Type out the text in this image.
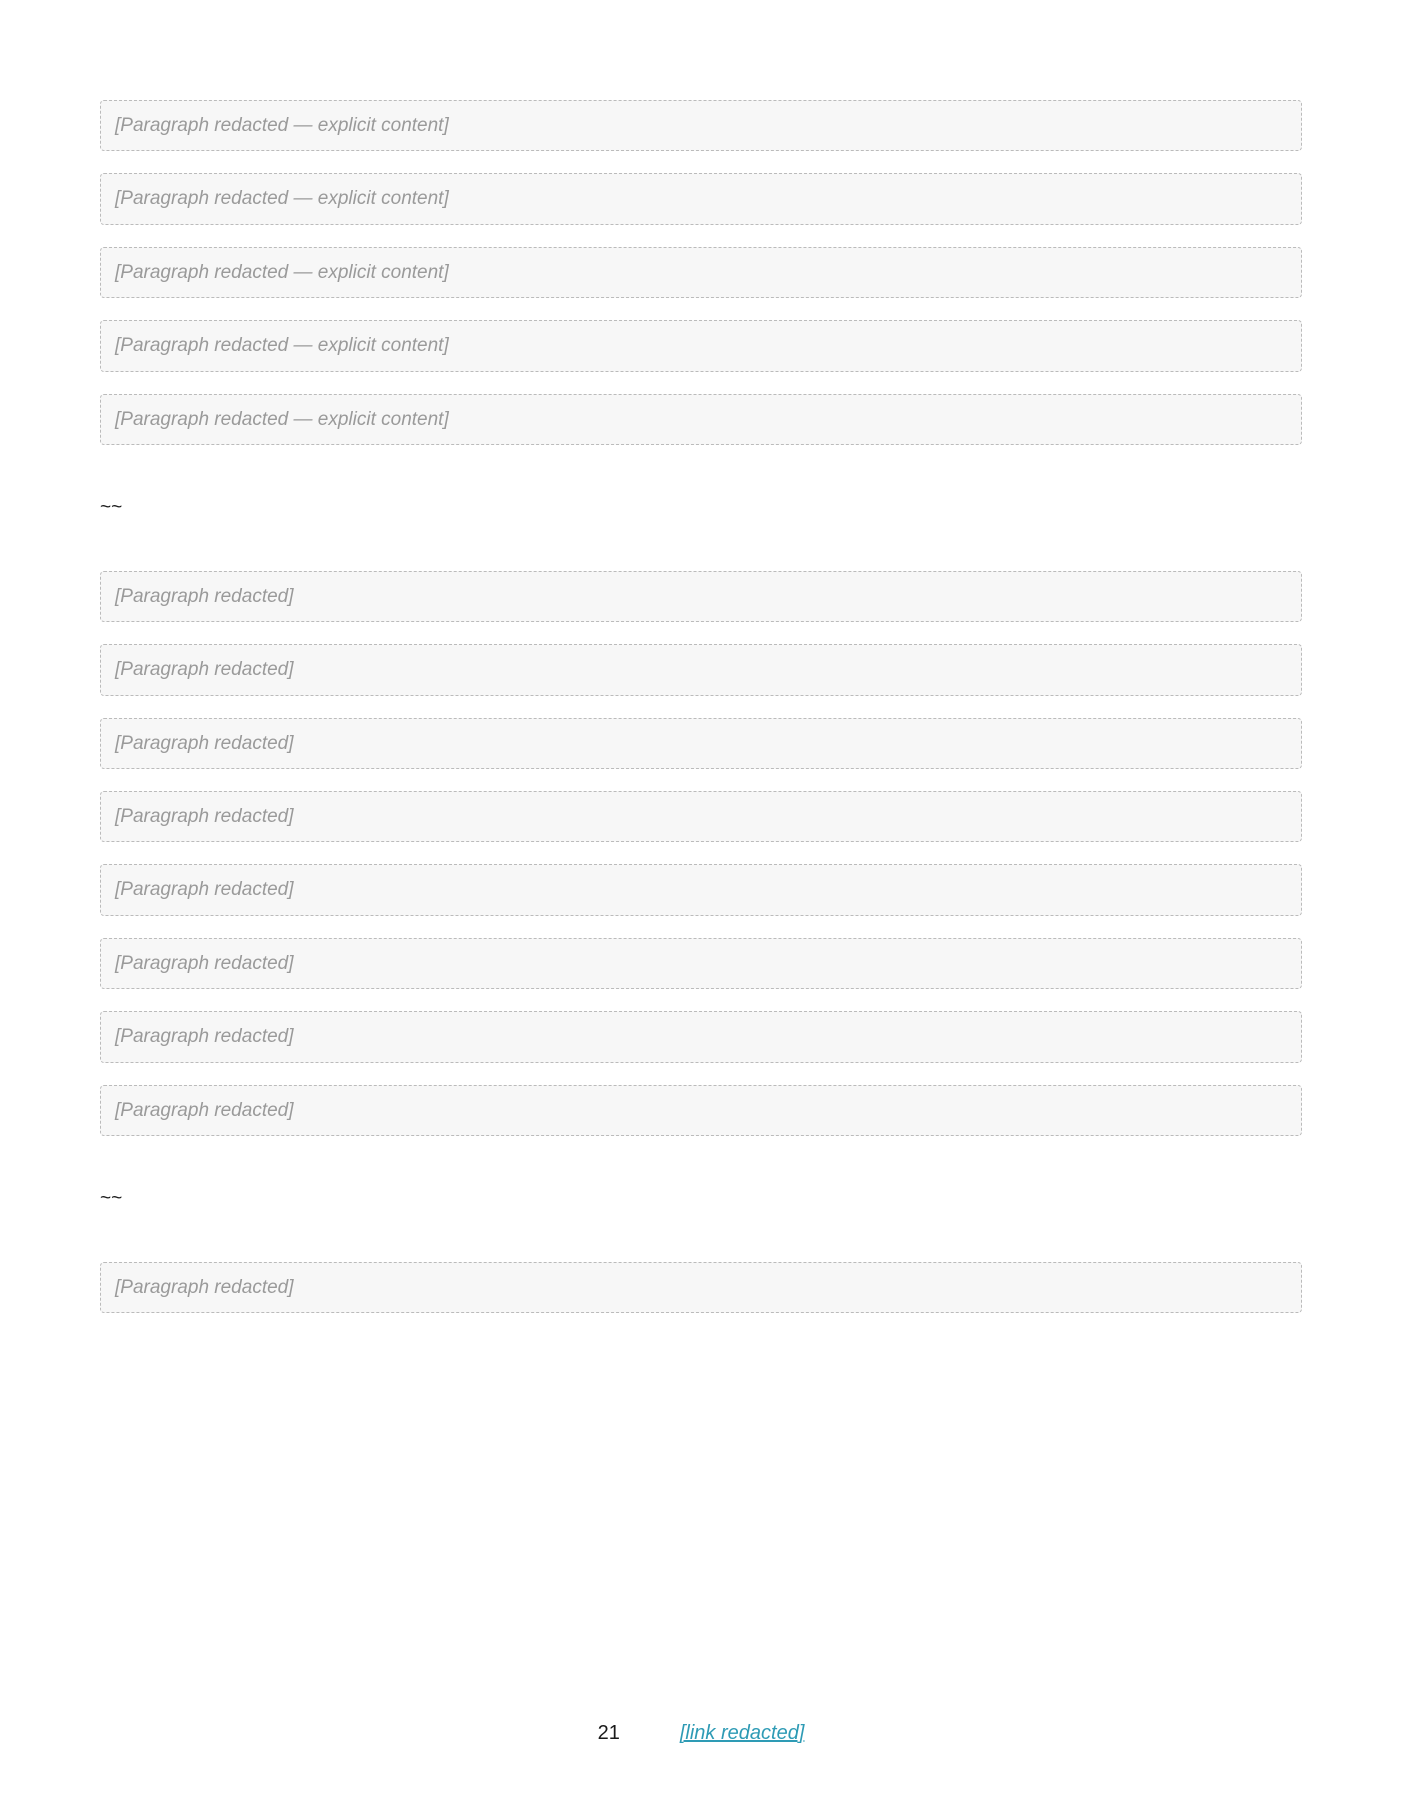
[Paragraph redacted — explicit content]

[Paragraph redacted — explicit content]

[Paragraph redacted — explicit content]

[Paragraph redacted — explicit content]

[Paragraph redacted — explicit content]

~~

[Paragraph redacted]

[Paragraph redacted]

[Paragraph redacted]

[Paragraph redacted]

[Paragraph redacted]

[Paragraph redacted]

[Paragraph redacted]

[Paragraph redacted]

~~

[Paragraph redacted]

21	[link redacted]
